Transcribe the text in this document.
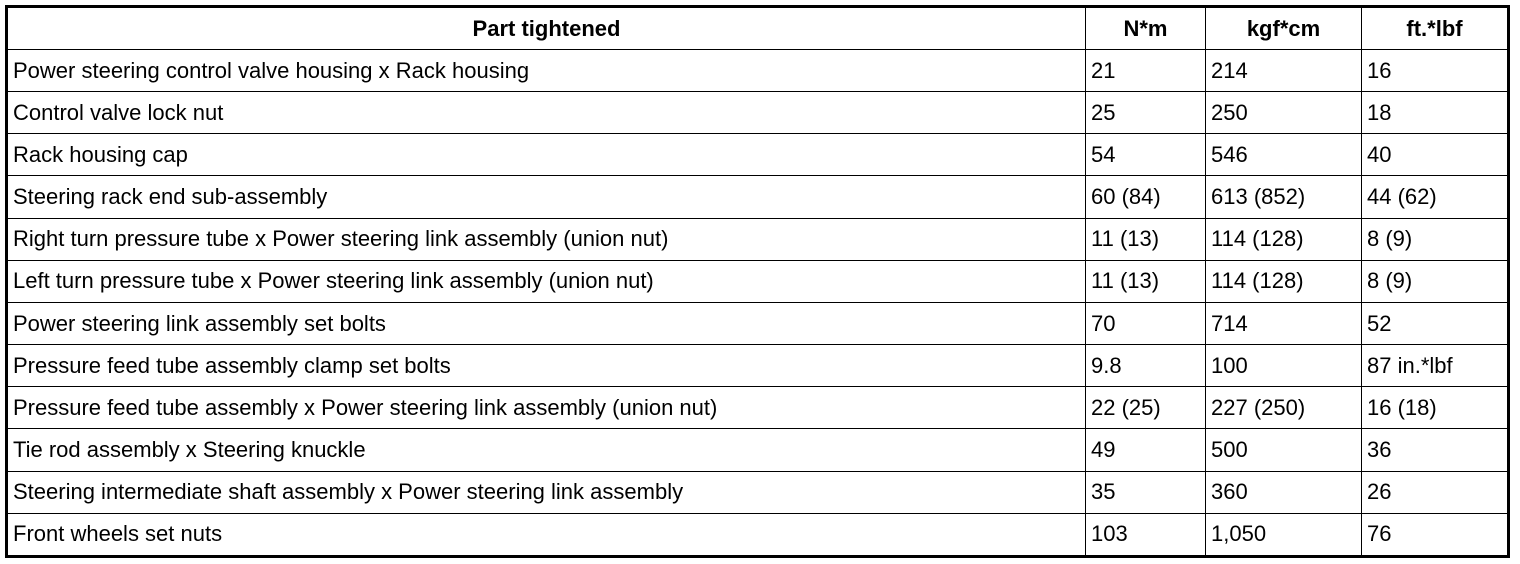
Part tightened	N*m	kgf*cm	ft.*lbf
Power steering control valve housing x Rack housing	21	214	16
Control valve lock nut	25	250	18
Rack housing cap	54	546	40
Steering rack end sub-assembly	60 (84)	613 (852)	44 (62)
Right turn pressure tube x Power steering link assembly (union nut)	11 (13)	114 (128)	8 (9)
Left turn pressure tube x Power steering link assembly (union nut)	11 (13)	114 (128)	8 (9)
Power steering link assembly set bolts	70	714	52
Pressure feed tube assembly clamp set bolts	9.8	100	87 in.*lbf
Pressure feed tube assembly x Power steering link assembly (union nut)	22 (25)	227 (250)	16 (18)
Tie rod assembly x Steering knuckle	49	500	36
Steering intermediate shaft assembly x Power steering link assembly	35	360	26
Front wheels set nuts	103	1,050	76
